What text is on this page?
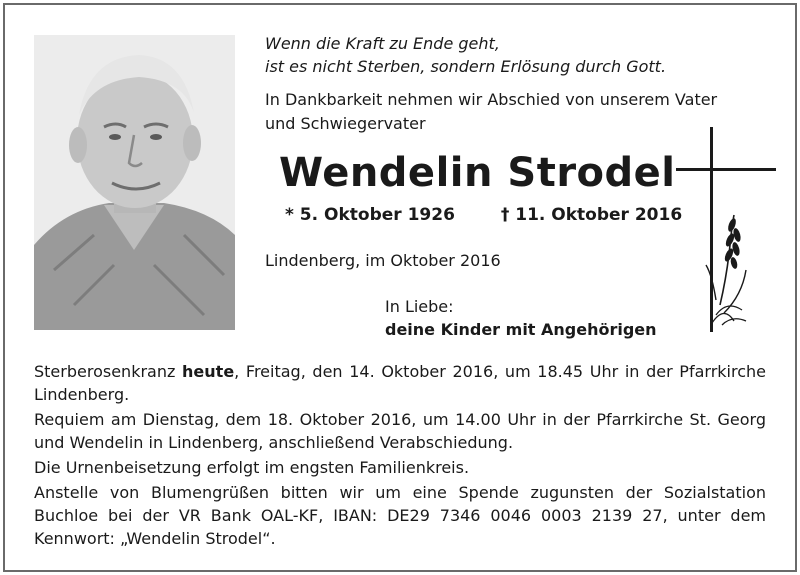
Wenn die Kraft zu Ende geht,
ist es nicht Sterben, sondern Erlösung durch Gott.
In Dankbarkeit nehmen wir Abschied von unserem Vater
und Schwiegervater
Wendelin Strodel
* 5. Oktober 1926	† 11. Oktober 2016
Lindenberg, im Oktober 2016
In Liebe:
deine Kinder mit Angehörigen

Sterberosenkranz heute, Freitag, den 14. Oktober 2016, um 18.45 Uhr in der Pfarrkirche Lindenberg.

Requiem am Dienstag, dem 18. Oktober 2016, um 14.00 Uhr in der Pfarrkirche St. Georg und Wendelin in Lindenberg, anschließend Verabschiedung.

Die Urnenbeisetzung erfolgt im engsten Familienkreis.

Anstelle von Blumengrüßen bitten wir um eine Spende zugunsten der Sozialstation Buchloe bei der VR Bank OAL-KF, IBAN: DE29 7346 0046 0003 2139 27, unter dem Kennwort: „Wendelin Strodel“.
